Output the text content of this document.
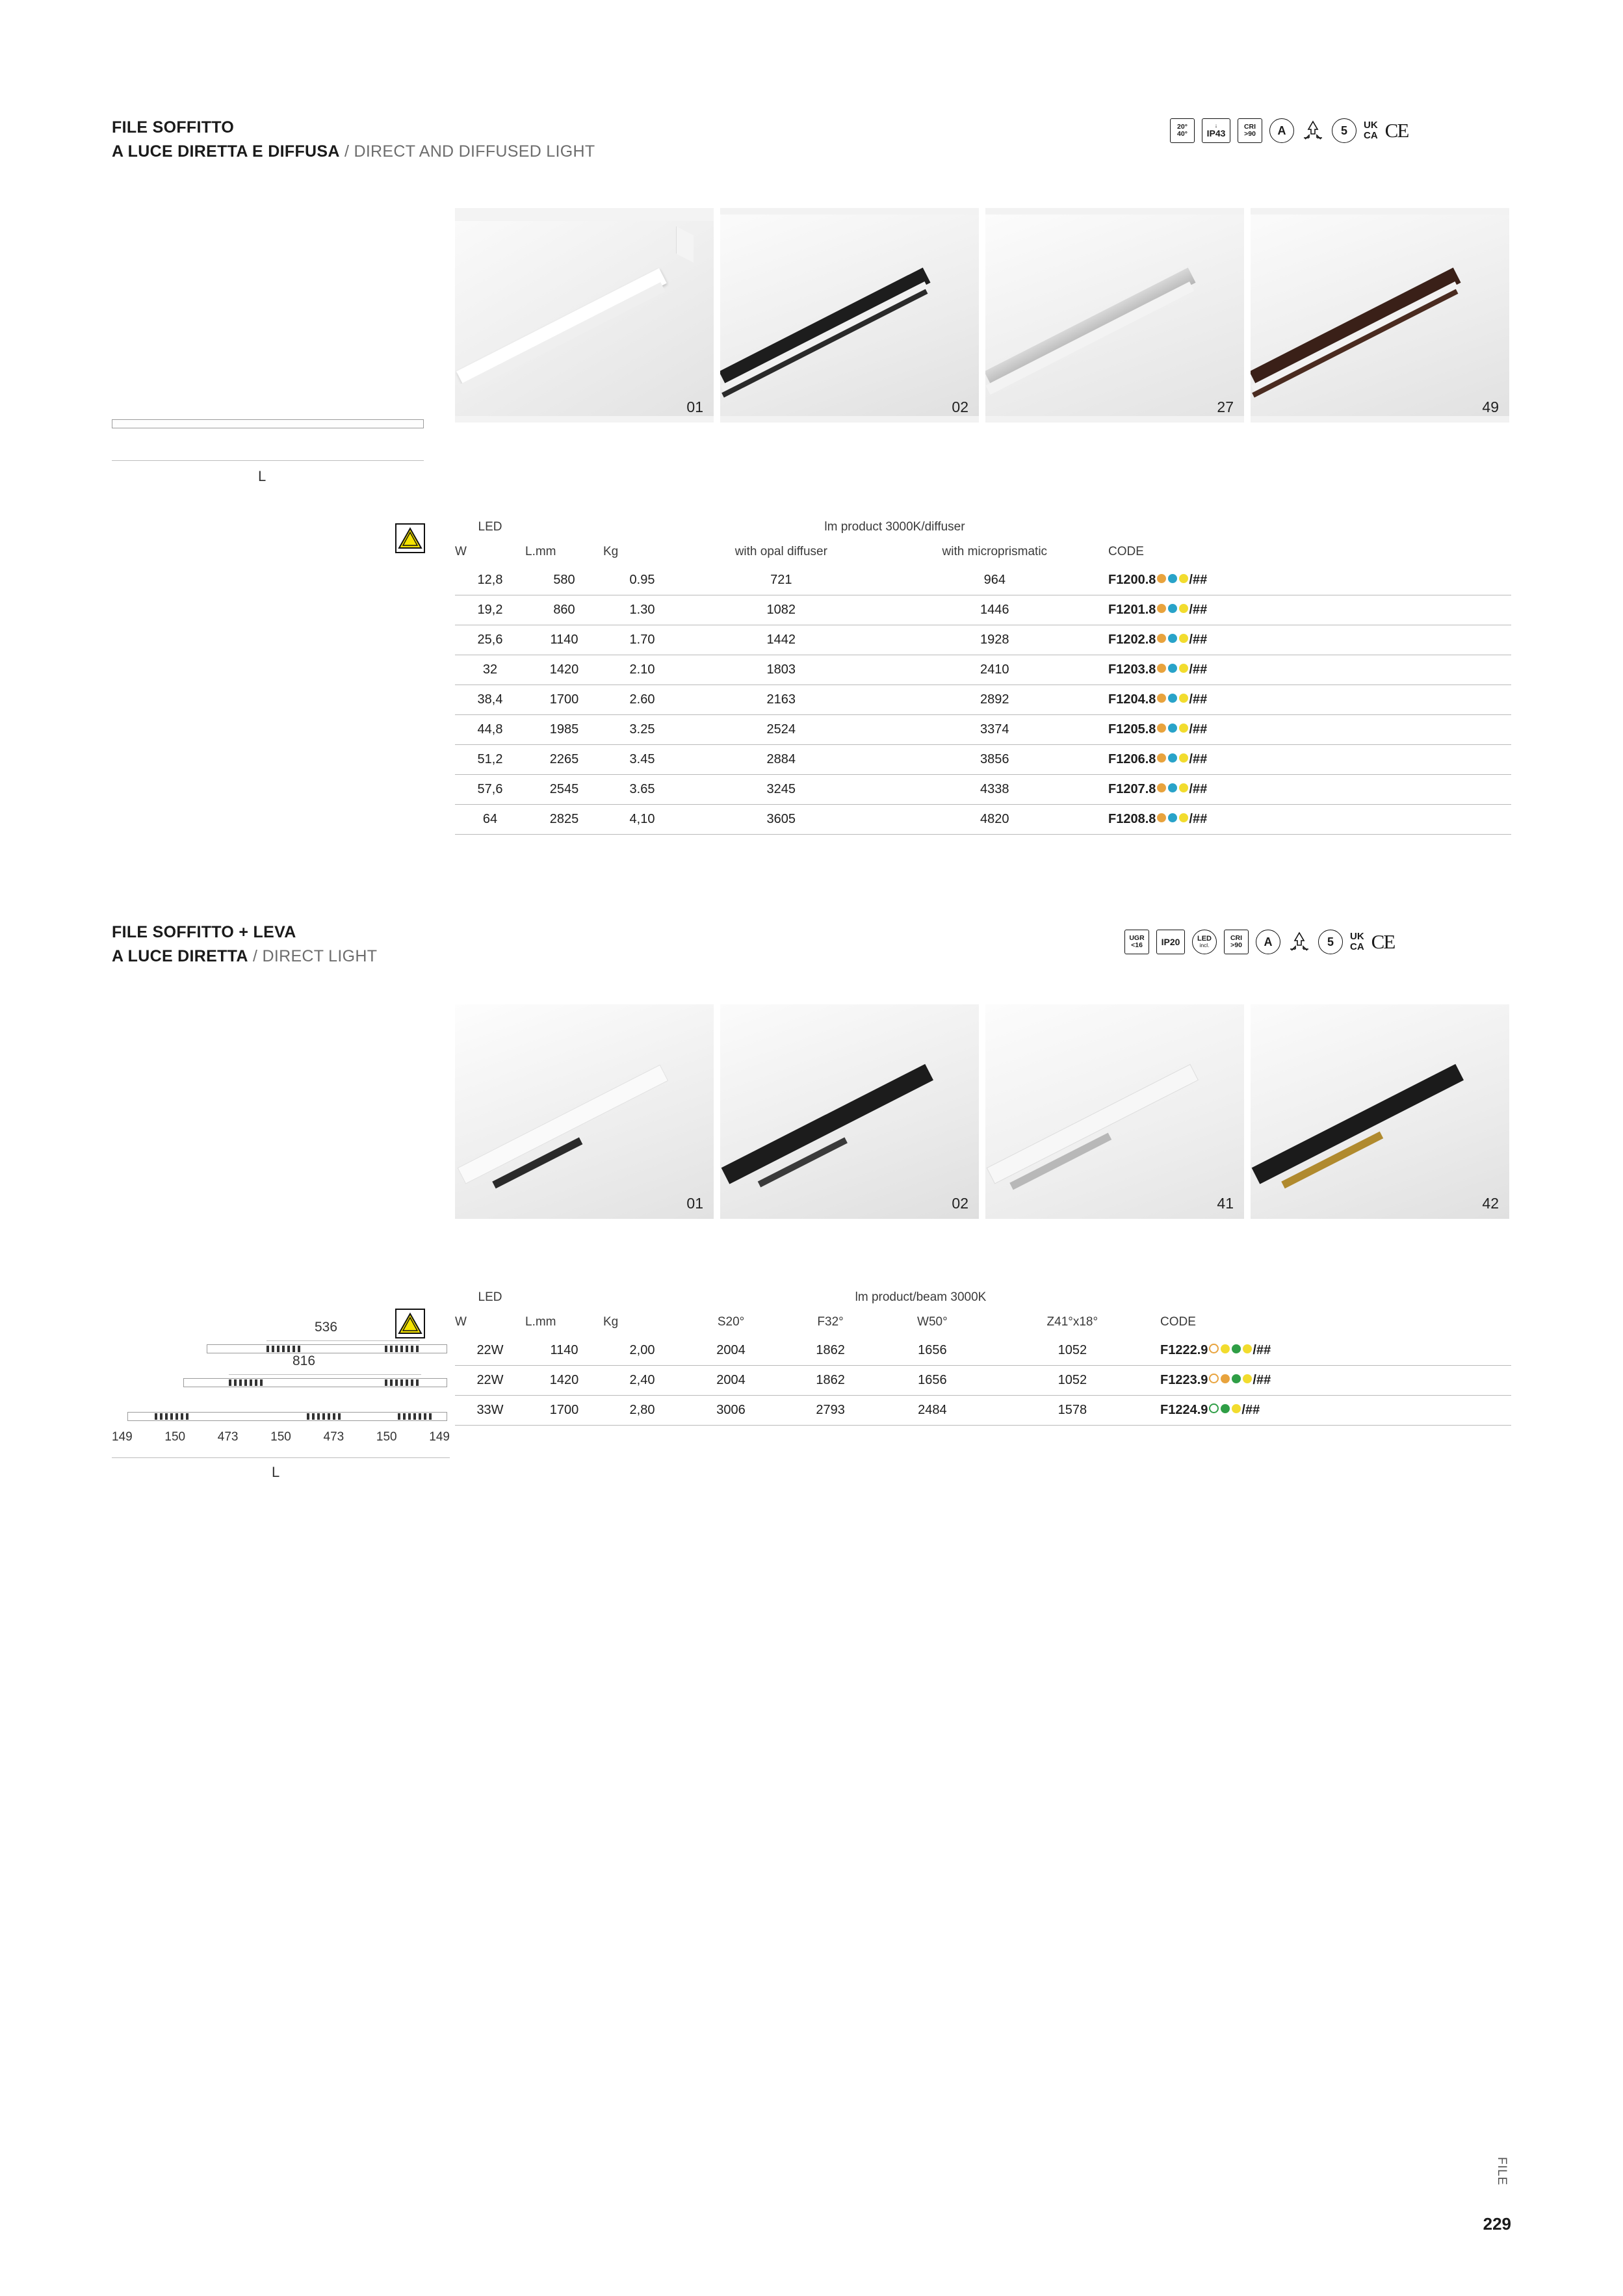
FILE SOFFITTO
A LUCE DIRETTA E DIFFUSA / DIRECT AND DIFFUSED LIGHT
20°
40°
↓
IP43
CRI
>90	A	5	UK
CA CE
01	02	27	49
L
LED			lm product 3000K/diffuser		
W	L.mm	Kg	with opal diffuser	with microprismatic	CODE
12,8	580	0.95	721	964	F1200.8 /##
19,2	860	1.30	1082	1446	F1201.8 /##
25,6	1140	1.70	1442	1928	F1202.8 /##
32	1420	2.10	1803	2410	F1203.8 /##
38,4	1700	2.60	2163	2892	F1204.8 /##
44,8	1985	3.25	2524	3374	F1205.8 /##
51,2	2265	3.45	2884	3856	F1206.8 /##
57,6	2545	3.65	3245	4338	F1207.8 /##
64	2825	4,10	3605	4820	F1208.8 /##
FILE SOFFITTO + LEVA
A LUCE DIRETTA / DIRECT LIGHT
UGR
<16 IP20 LED
incl.
CRI
>90	A	5	UK
CA CE
01	02	41	42
536
816
149	150	473	150	473	150	149
L
LED			lm product/beam 3000K				
W	L.mm	Kg	S20°	F32°	W50°	Z41°x18°	CODE
22W	1140	2,00	2004	1862	1656	1052	F1222.9 /##
22W	1420	2,40	2004	1862	1656	1052	F1223.9 /##
33W	1700	2,80	3006	2793	2484	1578	F1224.9 /##
FILE
229
